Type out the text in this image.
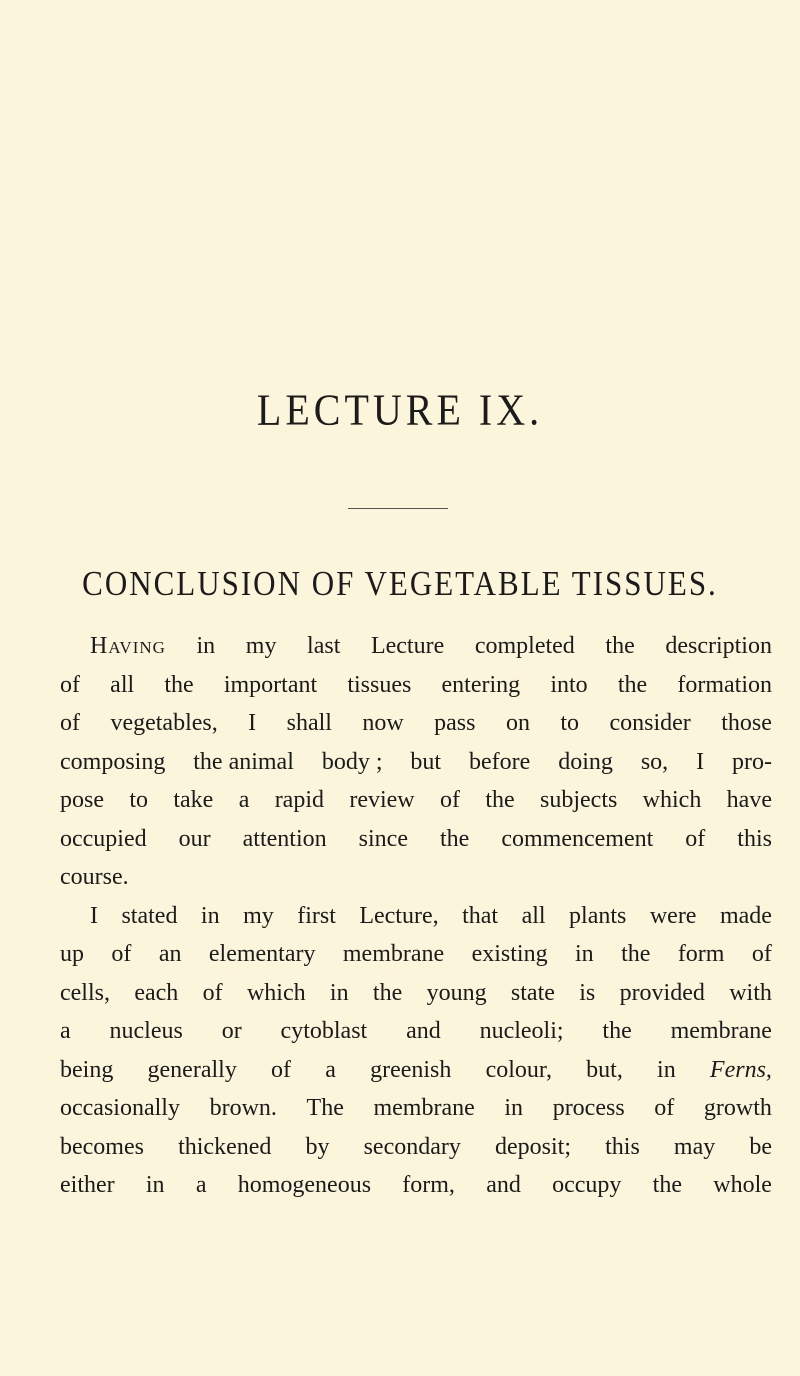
LECTURE IX.
CONCLUSION OF VEGETABLE TISSUES.
Having in my last Lecture completed the description
of all the important tissues entering into the formation
of vegetables, I shall now pass on to consider those
composing the animal body ; but before doing so, I pro-
pose to take a rapid review of the subjects which have
occupied our attention since the commencement of this
course.
I stated in my first Lecture, that all plants were made
up of an elementary membrane existing in the form of
cells, each of which in the young state is provided with
a nucleus or cytoblast and nucleoli; the membrane
being generally of a greenish colour, but, in Ferns,
occasionally brown. The membrane in process of growth
becomes thickened by secondary deposit; this may be
either in a homogeneous form, and occupy the whole
